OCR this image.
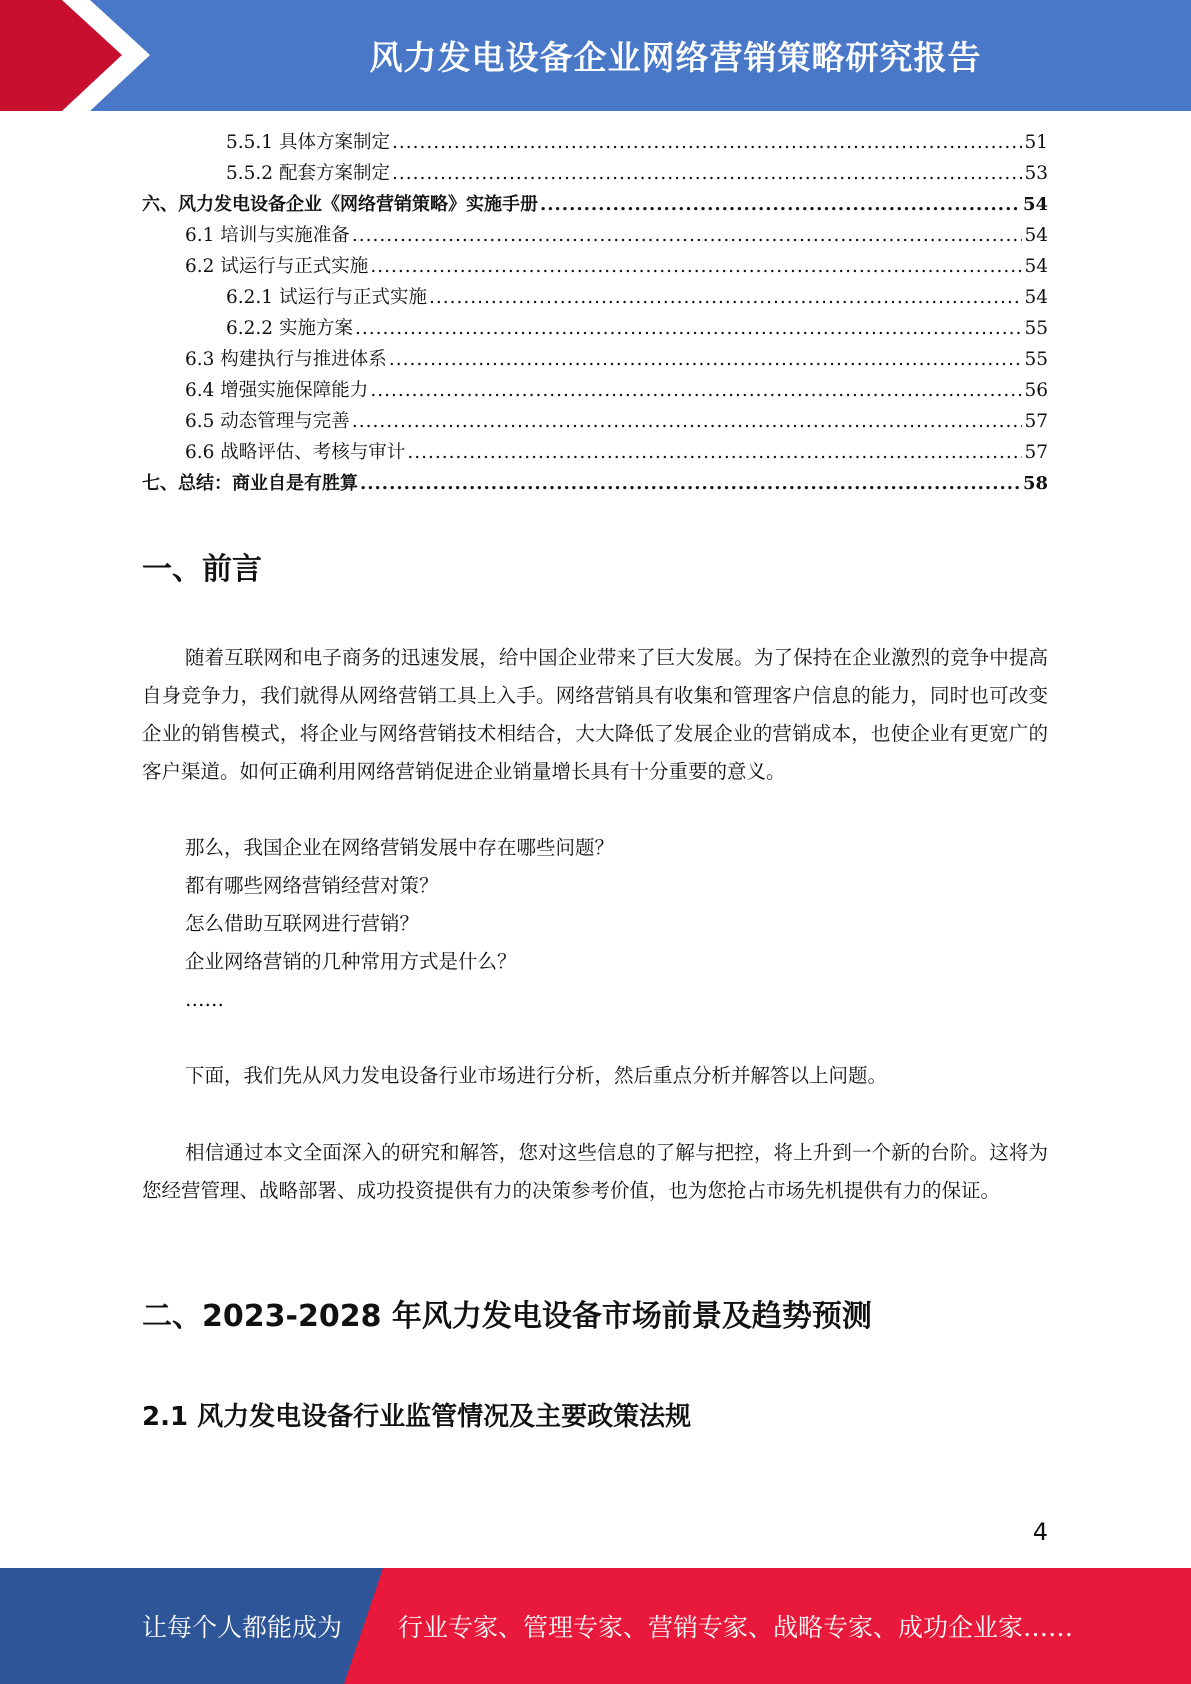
风力发电设备企业网络营销策略研究报告
5.5.1 具体方案制定 .....	51
5.5.2 配套方案制定 .....	53
六、风力发电设备企业《网络营销策略》实施手册 .....	54
6.1 培训与实施准备 .....	54
6.2 试运行与正式实施 .....	54
6.2.1 试运行与正式实施 .....	54
6.2.2 实施方案 .....	55
6.3 构建执行与推进体系 .....	55
6.4 增强实施保障能力 .....	56
6.5 动态管理与完善 .....	57
6.6 战略评估、考核与审计 .....	57
七、总结：商业自是有胜算 .....	58
一、前言

随着互联网和电子商务的迅速发展，给中国企业带来了巨大发展。为了保持在企业激烈的竞争中提高自身竞争力，我们就得从网络营销工具上入手。网络营销具有收集和管理客户信息的能力，同时也可改变企业的销售模式，将企业与网络营销技术相结合，大大降低了发展企业的营销成本，也使企业有更宽广的客户渠道。如何正确利用网络营销促进企业销量增长具有十分重要的意义。

那么，我国企业在网络营销发展中存在哪些问题？
都有哪些网络营销经营对策？
怎么借助互联网进行营销？
企业网络营销的几种常用方式是什么？
……

下面，我们先从风力发电设备行业市场进行分析，然后重点分析并解答以上问题。

相信通过本文全面深入的研究和解答，您对这些信息的了解与把控，将上升到一个新的台阶。这将为您经营管理、战略部署、成功投资提供有力的决策参考价值，也为您抢占市场先机提供有力的保证。

二、2023-2028 年风力发电设备市场前景及趋势预测
2.1 风力发电设备行业监管情况及主要政策法规
4
让每个人都能成为 行业专家、管理专家、营销专家、战略专家、成功企业家……
